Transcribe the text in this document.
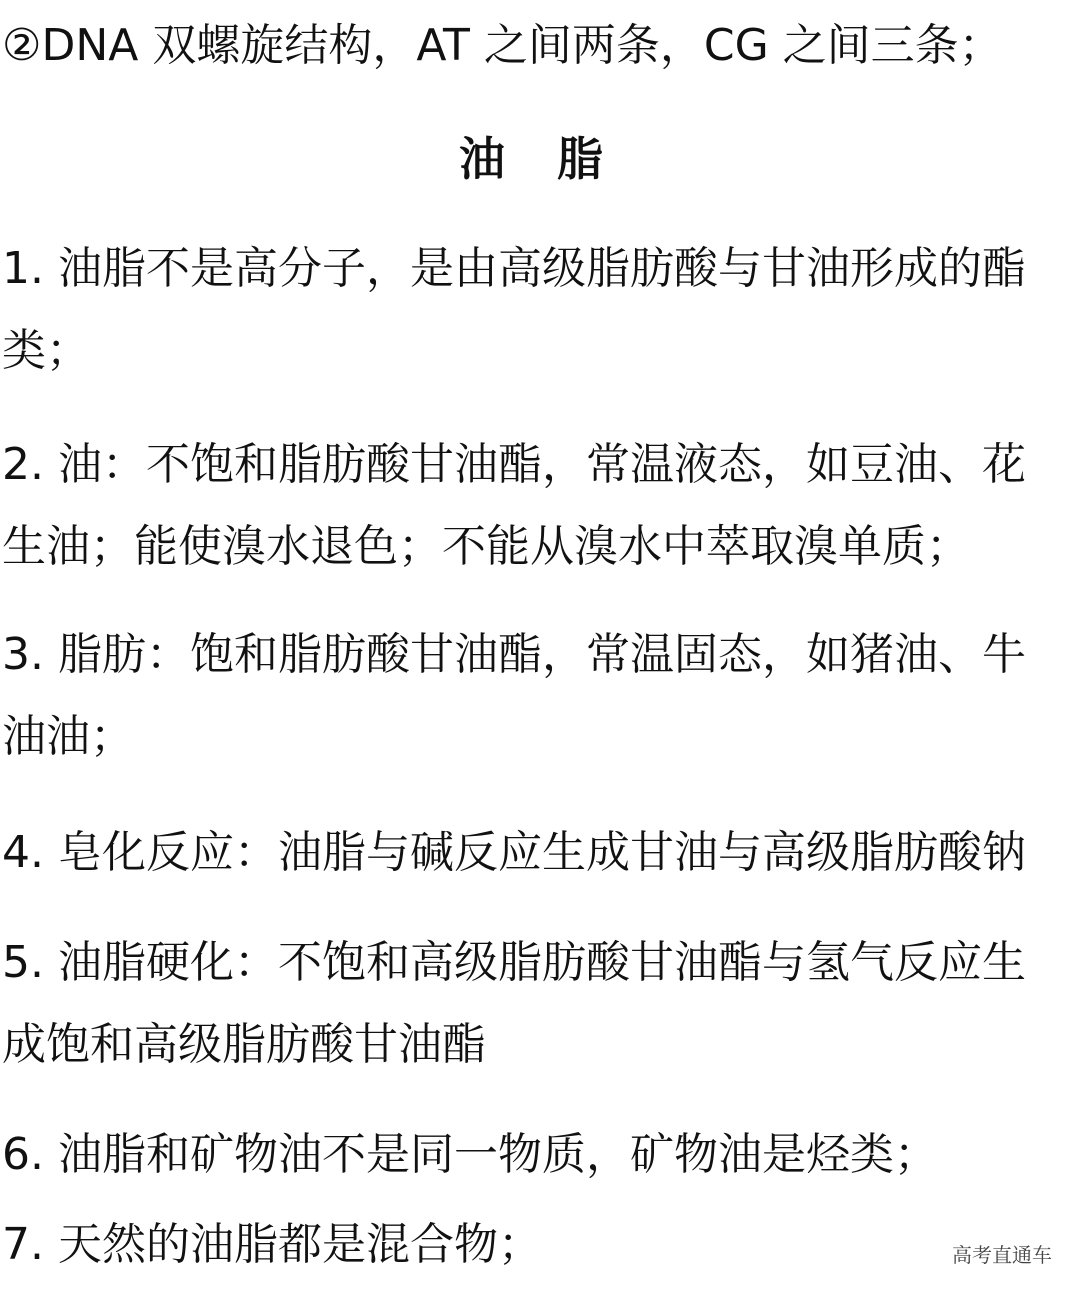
②DNA 双螺旋结构，AT 之间两条，CG 之间三条；
油 脂
1. 油脂不是高分子，是由高级脂肪酸与甘油形成的酯
类；
2. 油：不饱和脂肪酸甘油酯，常温液态，如豆油、花
生油；能使溴水退色；不能从溴水中萃取溴单质；
3. 脂肪：饱和脂肪酸甘油酯，常温固态，如猪油、牛
油油；
4. 皂化反应：油脂与碱反应生成甘油与高级脂肪酸钠
5. 油脂硬化：不饱和高级脂肪酸甘油酯与氢气反应生
成饱和高级脂肪酸甘油酯
6. 油脂和矿物油不是同一物质，矿物油是烃类；
7. 天然的油脂都是混合物；	高考直通车
